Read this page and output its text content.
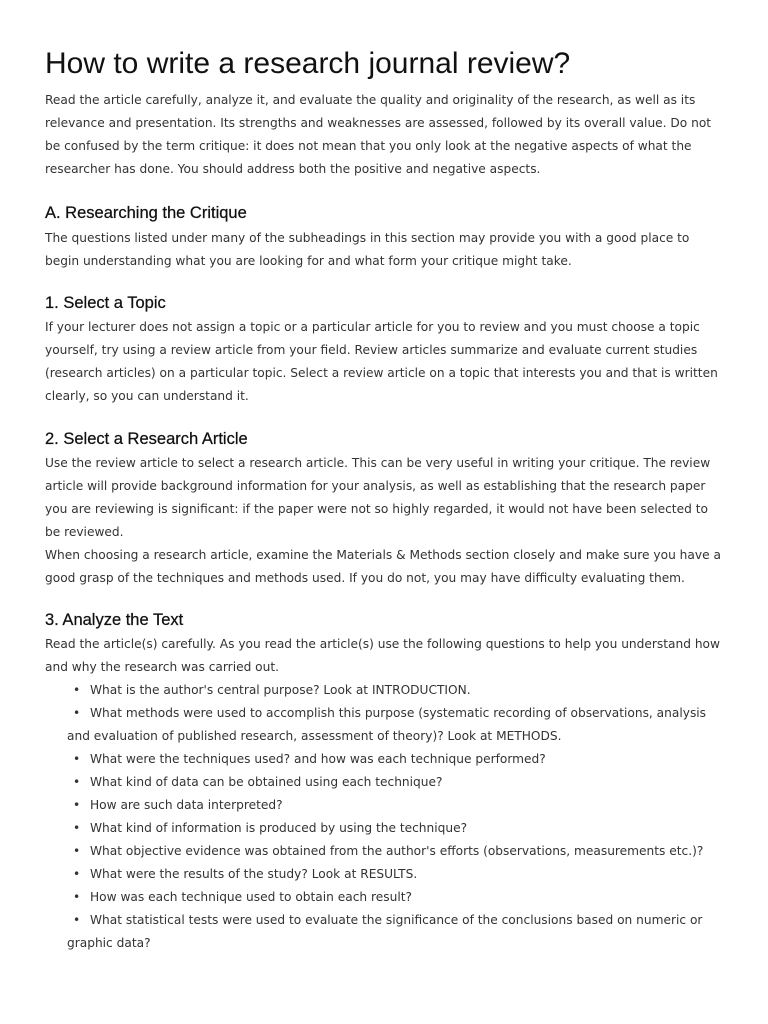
How to write a research journal review?
Read the article carefully, analyze it, and evaluate the quality and originality of the research, as well as its
relevance and presentation. Its strengths and weaknesses are assessed, followed by its overall value. Do not
be confused by the term critique: it does not mean that you only look at the negative aspects of what the
researcher has done. You should address both the positive and negative aspects.
A. Researching the Critique
The questions listed under many of the subheadings in this section may provide you with a good place to
begin understanding what you are looking for and what form your critique might take.
1. Select a Topic
If your lecturer does not assign a topic or a particular article for you to review and you must choose a topic
yourself, try using a review article from your field. Review articles summarize and evaluate current studies
(research articles) on a particular topic. Select a review article on a topic that interests you and that is written
clearly, so you can understand it.
2. Select a Research Article
Use the review article to select a research article. This can be very useful in writing your critique. The review
article will provide background information for your analysis, as well as establishing that the research paper
you are reviewing is significant: if the paper were not so highly regarded, it would not have been selected to
be reviewed.
When choosing a research article, examine the Materials & Methods section closely and make sure you have a
good grasp of the techniques and methods used. If you do not, you may have difficulty evaluating them.
3. Analyze the Text
Read the article(s) carefully. As you read the article(s) use the following questions to help you understand how
and why the research was carried out.
• What is the author's central purpose? Look at INTRODUCTION.
• What methods were used to accomplish this purpose (systematic recording of observations, analysis
and evaluation of published research, assessment of theory)? Look at METHODS.
• What were the techniques used? and how was each technique performed?
• What kind of data can be obtained using each technique?
• How are such data interpreted?
• What kind of information is produced by using the technique?
• What objective evidence was obtained from the author's efforts (observations, measurements etc.)?
• What were the results of the study? Look at RESULTS.
• How was each technique used to obtain each result?
• What statistical tests were used to evaluate the significance of the conclusions based on numeric or
graphic data?
